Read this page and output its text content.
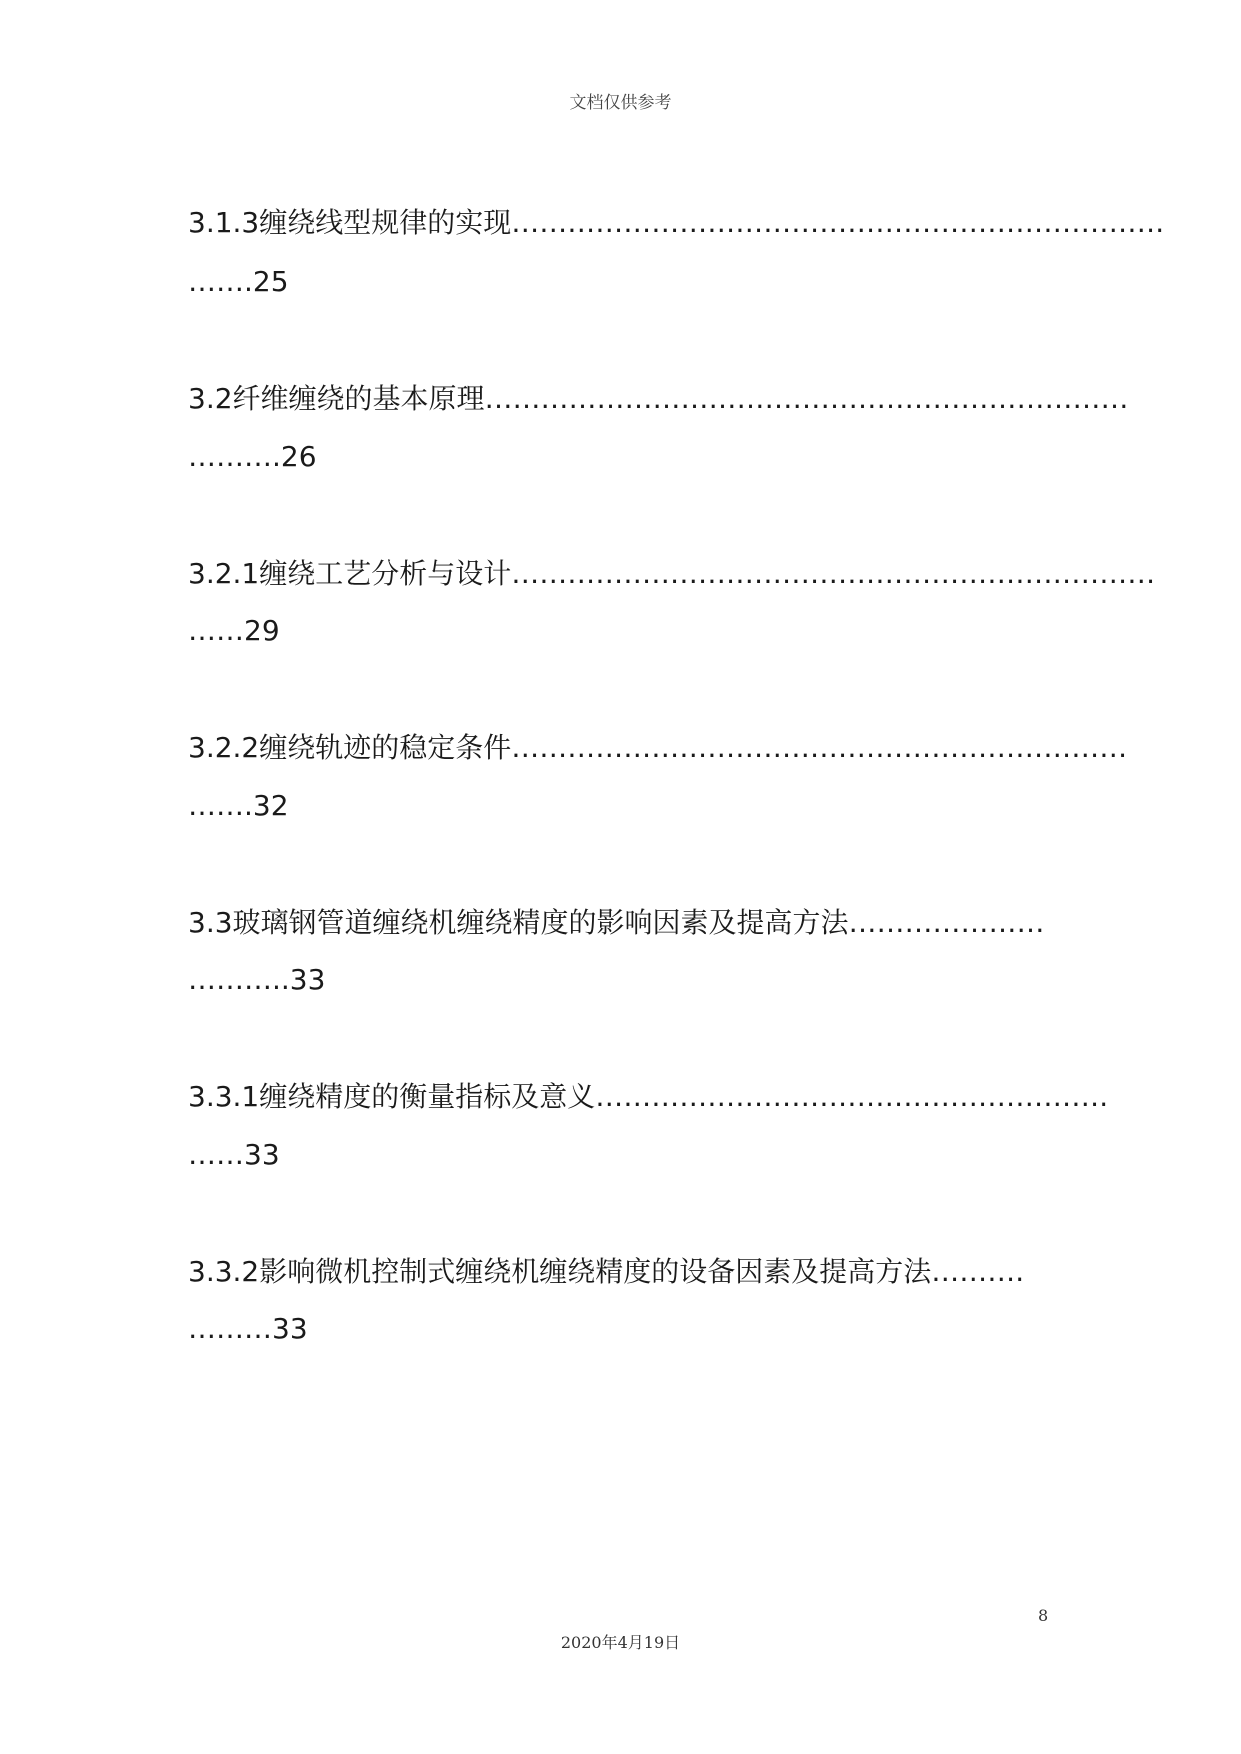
文档仅供参考
3.1.3缠绕线型规律的实现…………………………………………………………….
…….25
3.2纤维缠绕的基本原理……………………………………………………………
……….26
3.2.1缠绕工艺分析与设计……………………………………………………………
……29
3.2.2缠绕轨迹的稳定条件…………………………………………………………
…….32
3.3玻璃钢管道缠绕机缠绕精度的影响因素及提高方法…………………
………..33
3.3.1缠绕精度的衡量指标及意义……………………………………………….
……33
3.3.2影响微机控制式缠绕机缠绕精度的设备因素及提高方法……….
………33
8
2020年4月19日
